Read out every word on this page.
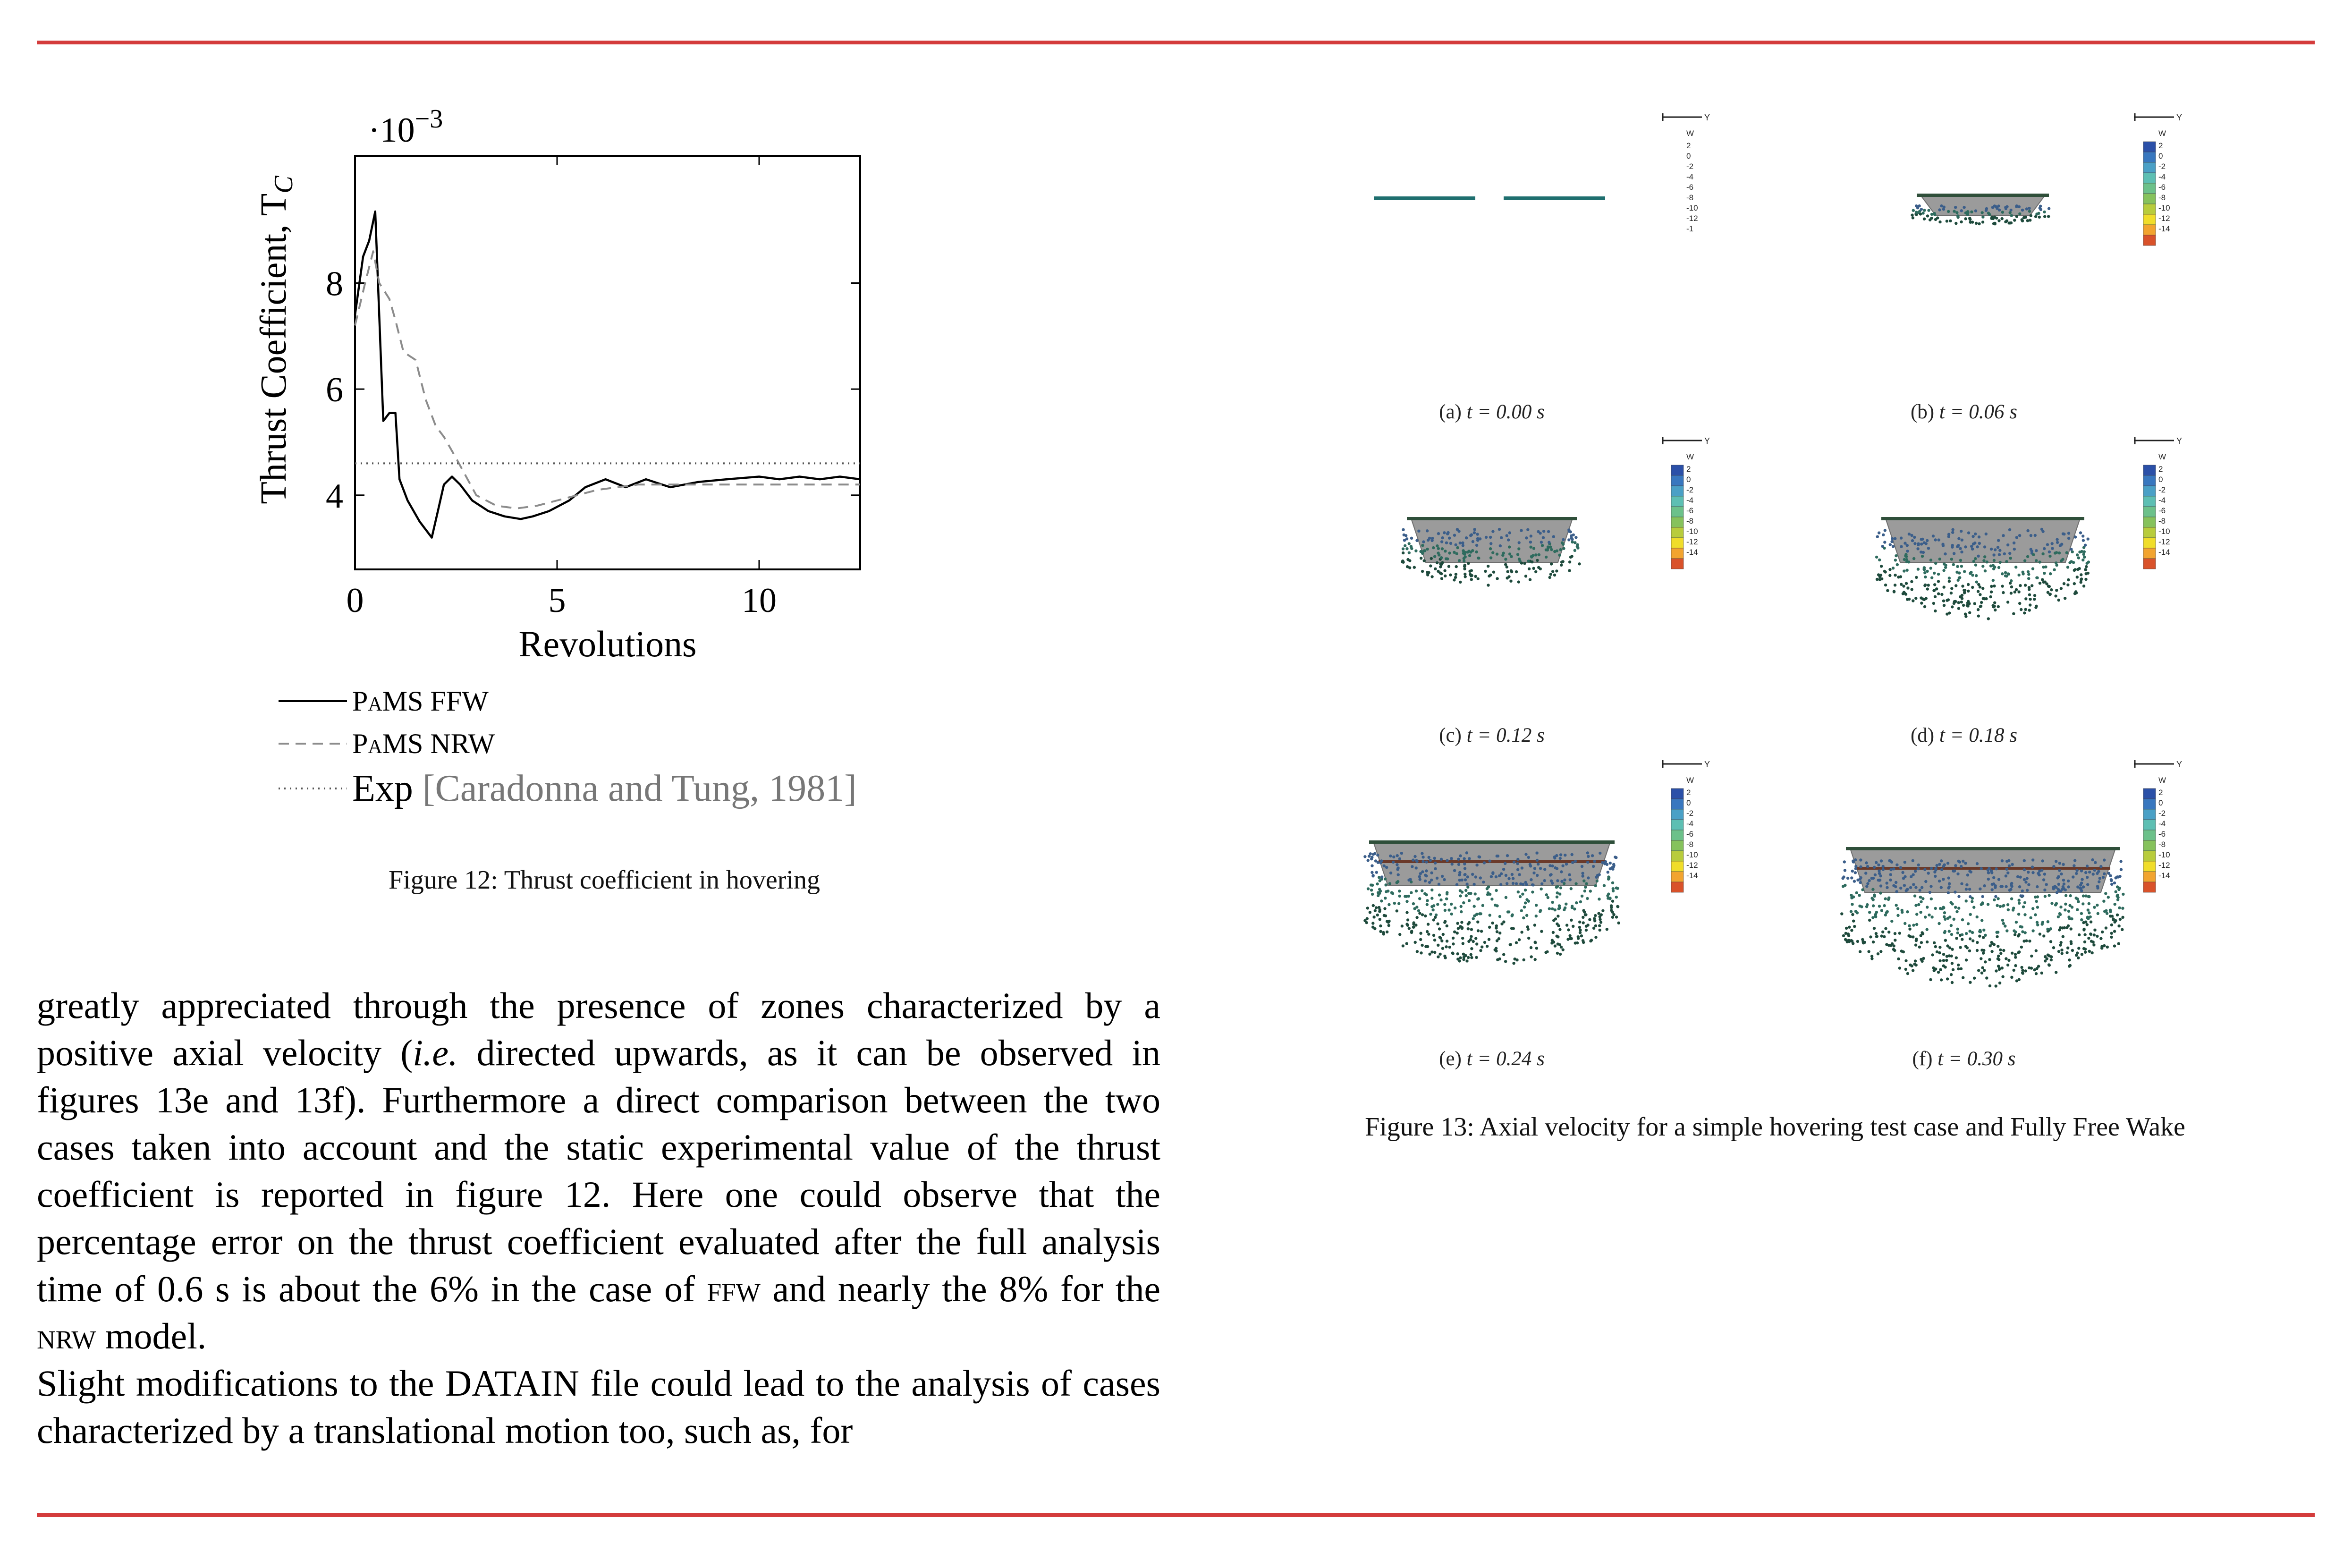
$\cdot 10^{-3}$
Thrust Coefficient, TC
0	5	10
4
6
8
Revolutions
PaMS FFW
PaMS NRW
Exp [Caradonna and Tung, 1981]
Figure 12: Thrust coefficient in hovering
Y
W
2
0
-2
-4
-6
-8
-10
-12
-1
(a) t = 0.00 s
Y
W
2
0
-2
-4
-6
-8
-10
-12
-14
(b) t = 0.06 s
Y
W
2
0
-2
-4
-6
-8
-10
-12
-14
(c) t = 0.12 s
Y
W
2
0
-2
-4
-6
-8
-10
-12
-14
(d) t = 0.18 s
Y
W
2
0
-2
-4
-6
-8
-10
-12
-14
(e) t = 0.24 s
Y
W
2
0
-2
-4
-6
-8
-10
-12
-14
(f) t = 0.30 s
Figure 13: Axial velocity for a simple hovering test case and Fully Free Wake

greatly appreciated through the presence of zones characterized by a positive axial velocity (i.e. directed upwards, as it can be observed in figures 13e and 13f). Furthermore a direct comparison between the two cases taken into account and the static experimental value of the thrust coefficient is reported in figure 12. Here one could observe that the percentage error on the thrust coefficient evaluated after the full analysis time of 0.6 s is about the 6% in the case of ffw and nearly the 8% for the nrw model.

Slight modifications to the DATAIN file could lead to the analysis of cases characterized by a translational motion too, such as, for
